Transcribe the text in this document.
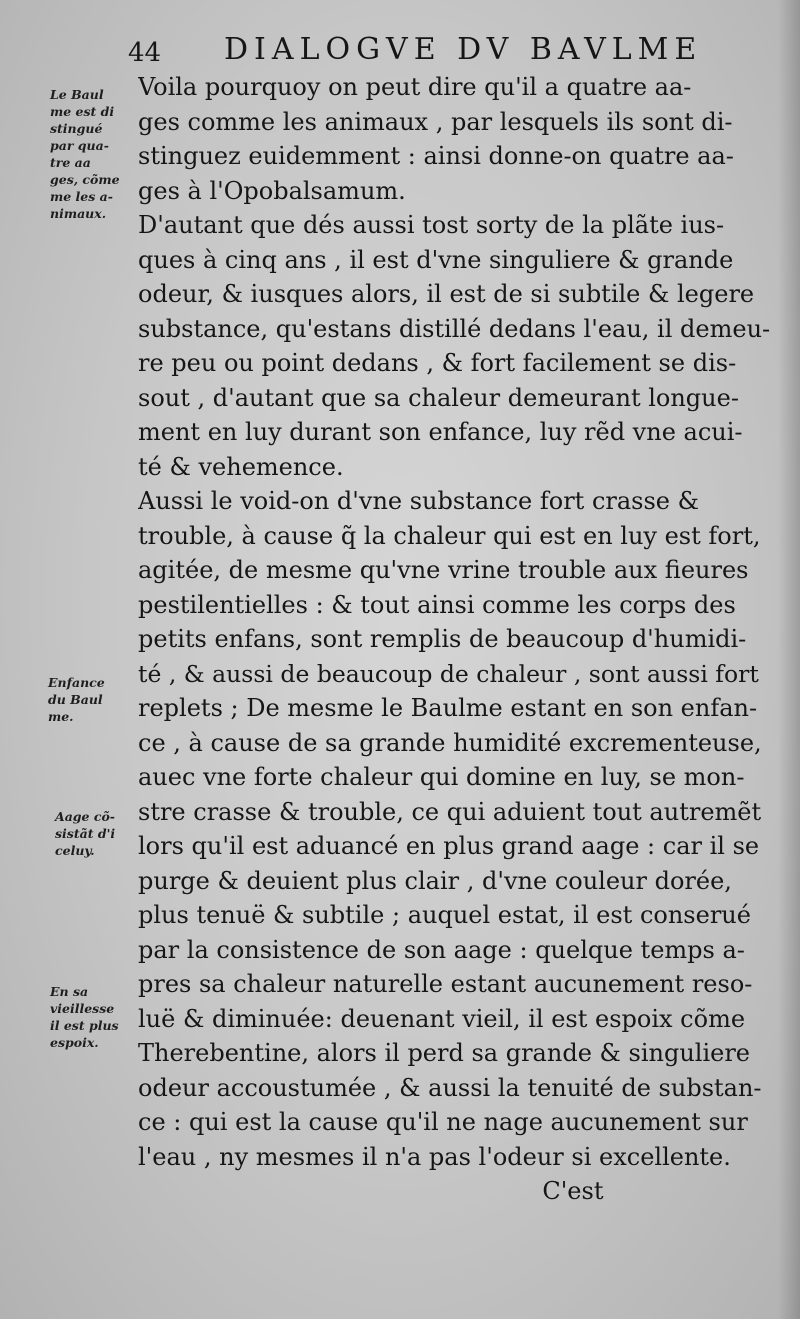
44 DIALOGVE DV BAVLME
Le Baul
me est di
stingué
par qua-
tre aa
ges, cõme
me les a-
nimaux.
Enfance
du Baul
me.
Aage cõ-
sistãt d'i
celuy.
En sa
vieillesse
il est plus
espoix.
Voila pourquoy on peut dire qu'il a quatre aa-
ges comme les animaux , par lesquels ils sont di-
stinguez euidemment : ainsi donne-on quatre aa-
ges à l'Opobalsamum.
D'autant que dés aussi tost sorty de la plãte ius-
ques à cinq ans , il est d'vne singuliere & grande
odeur, & iusques alors, il est de si subtile & legere
substance, qu'estans distillé dedans l'eau, il demeu-
re peu ou point dedans , & fort facilement se dis-
sout , d'autant que sa chaleur demeurant longue-
ment en luy durant son enfance, luy rẽd vne acui-
té & vehemence.
Aussi le void-on d'vne substance fort crasse &
trouble, à cause q̃ la chaleur qui est en luy est fort,
agitée, de mesme qu'vne vrine trouble aux fieures
pestilentielles : & tout ainsi comme les corps des
petits enfans, sont remplis de beaucoup d'humidi-
té , & aussi de beaucoup de chaleur , sont aussi fort
replets ; De mesme le Baulme estant en son enfan-
ce , à cause de sa grande humidité excrementeuse,
auec vne forte chaleur qui domine en luy, se mon-
stre crasse & trouble, ce qui aduient tout autremẽt
lors qu'il est aduancé en plus grand aage : car il se
purge & deuient plus clair , d'vne couleur dorée,
plus tenuë & subtile ; auquel estat, il est conserué
par la consistence de son aage : quelque temps a-
pres sa chaleur naturelle estant aucunement reso-
luë & diminuée: deuenant vieil, il est espoix cõme
Therebentine, alors il perd sa grande & singuliere
odeur accoustumée , & aussi la tenuité de substan-
ce : qui est la cause qu'il ne nage aucunement sur
l'eau , ny mesmes il n'a pas l'odeur si excellente.
C'est
